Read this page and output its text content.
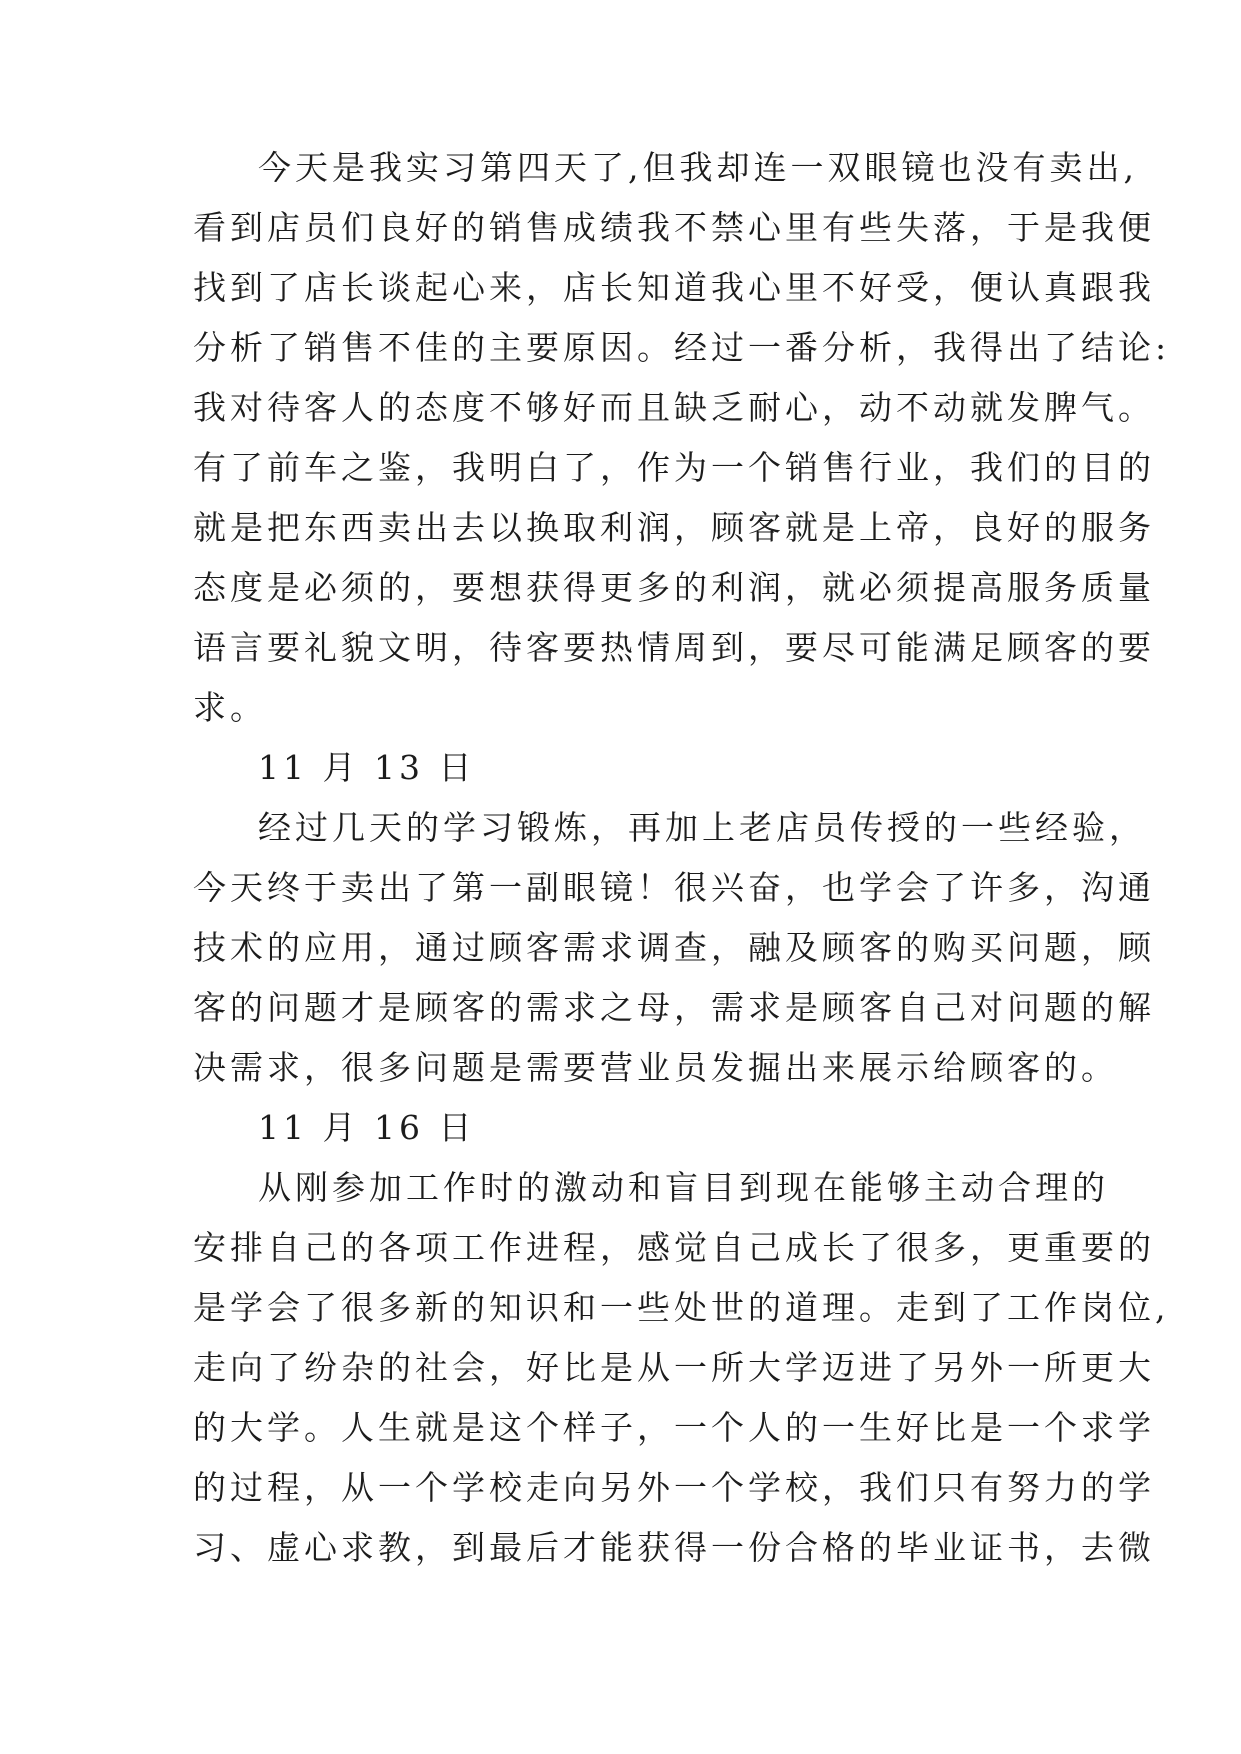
今天是我实习第四天了,但我却连一双眼镜也没有卖出,
看到店员们良好的销售成绩我不禁心里有些失落，于是我便
找到了店长谈起心来，店长知道我心里不好受，便认真跟我
分析了销售不佳的主要原因。经过一番分析，我得出了结论:
我对待客人的态度不够好而且缺乏耐心，动不动就发脾气。
有了前车之鉴，我明白了，作为一个销售行业，我们的目的
就是把东西卖出去以换取利润，顾客就是上帝，良好的服务
态度是必须的，要想获得更多的利润，就必须提高服务质量
语言要礼貌文明，待客要热情周到，要尽可能满足顾客的要
求。
11 月 13 日
经过几天的学习锻炼，再加上老店员传授的一些经验，
今天终于卖出了第一副眼镜！很兴奋，也学会了许多，沟通
技术的应用，通过顾客需求调查，融及顾客的购买问题，顾
客的问题才是顾客的需求之母，需求是顾客自己对问题的解
决需求，很多问题是需要营业员发掘出来展示给顾客的。
11 月 16 日
从刚参加工作时的激动和盲目到现在能够主动合理的
安排自己的各项工作进程，感觉自己成长了很多，更重要的
是学会了很多新的知识和一些处世的道理。走到了工作岗位,
走向了纷杂的社会，好比是从一所大学迈进了另外一所更大
的大学。人生就是这个样子，一个人的一生好比是一个求学
的过程，从一个学校走向另外一个学校，我们只有努力的学
习、虚心求教，到最后才能获得一份合格的毕业证书，去微
